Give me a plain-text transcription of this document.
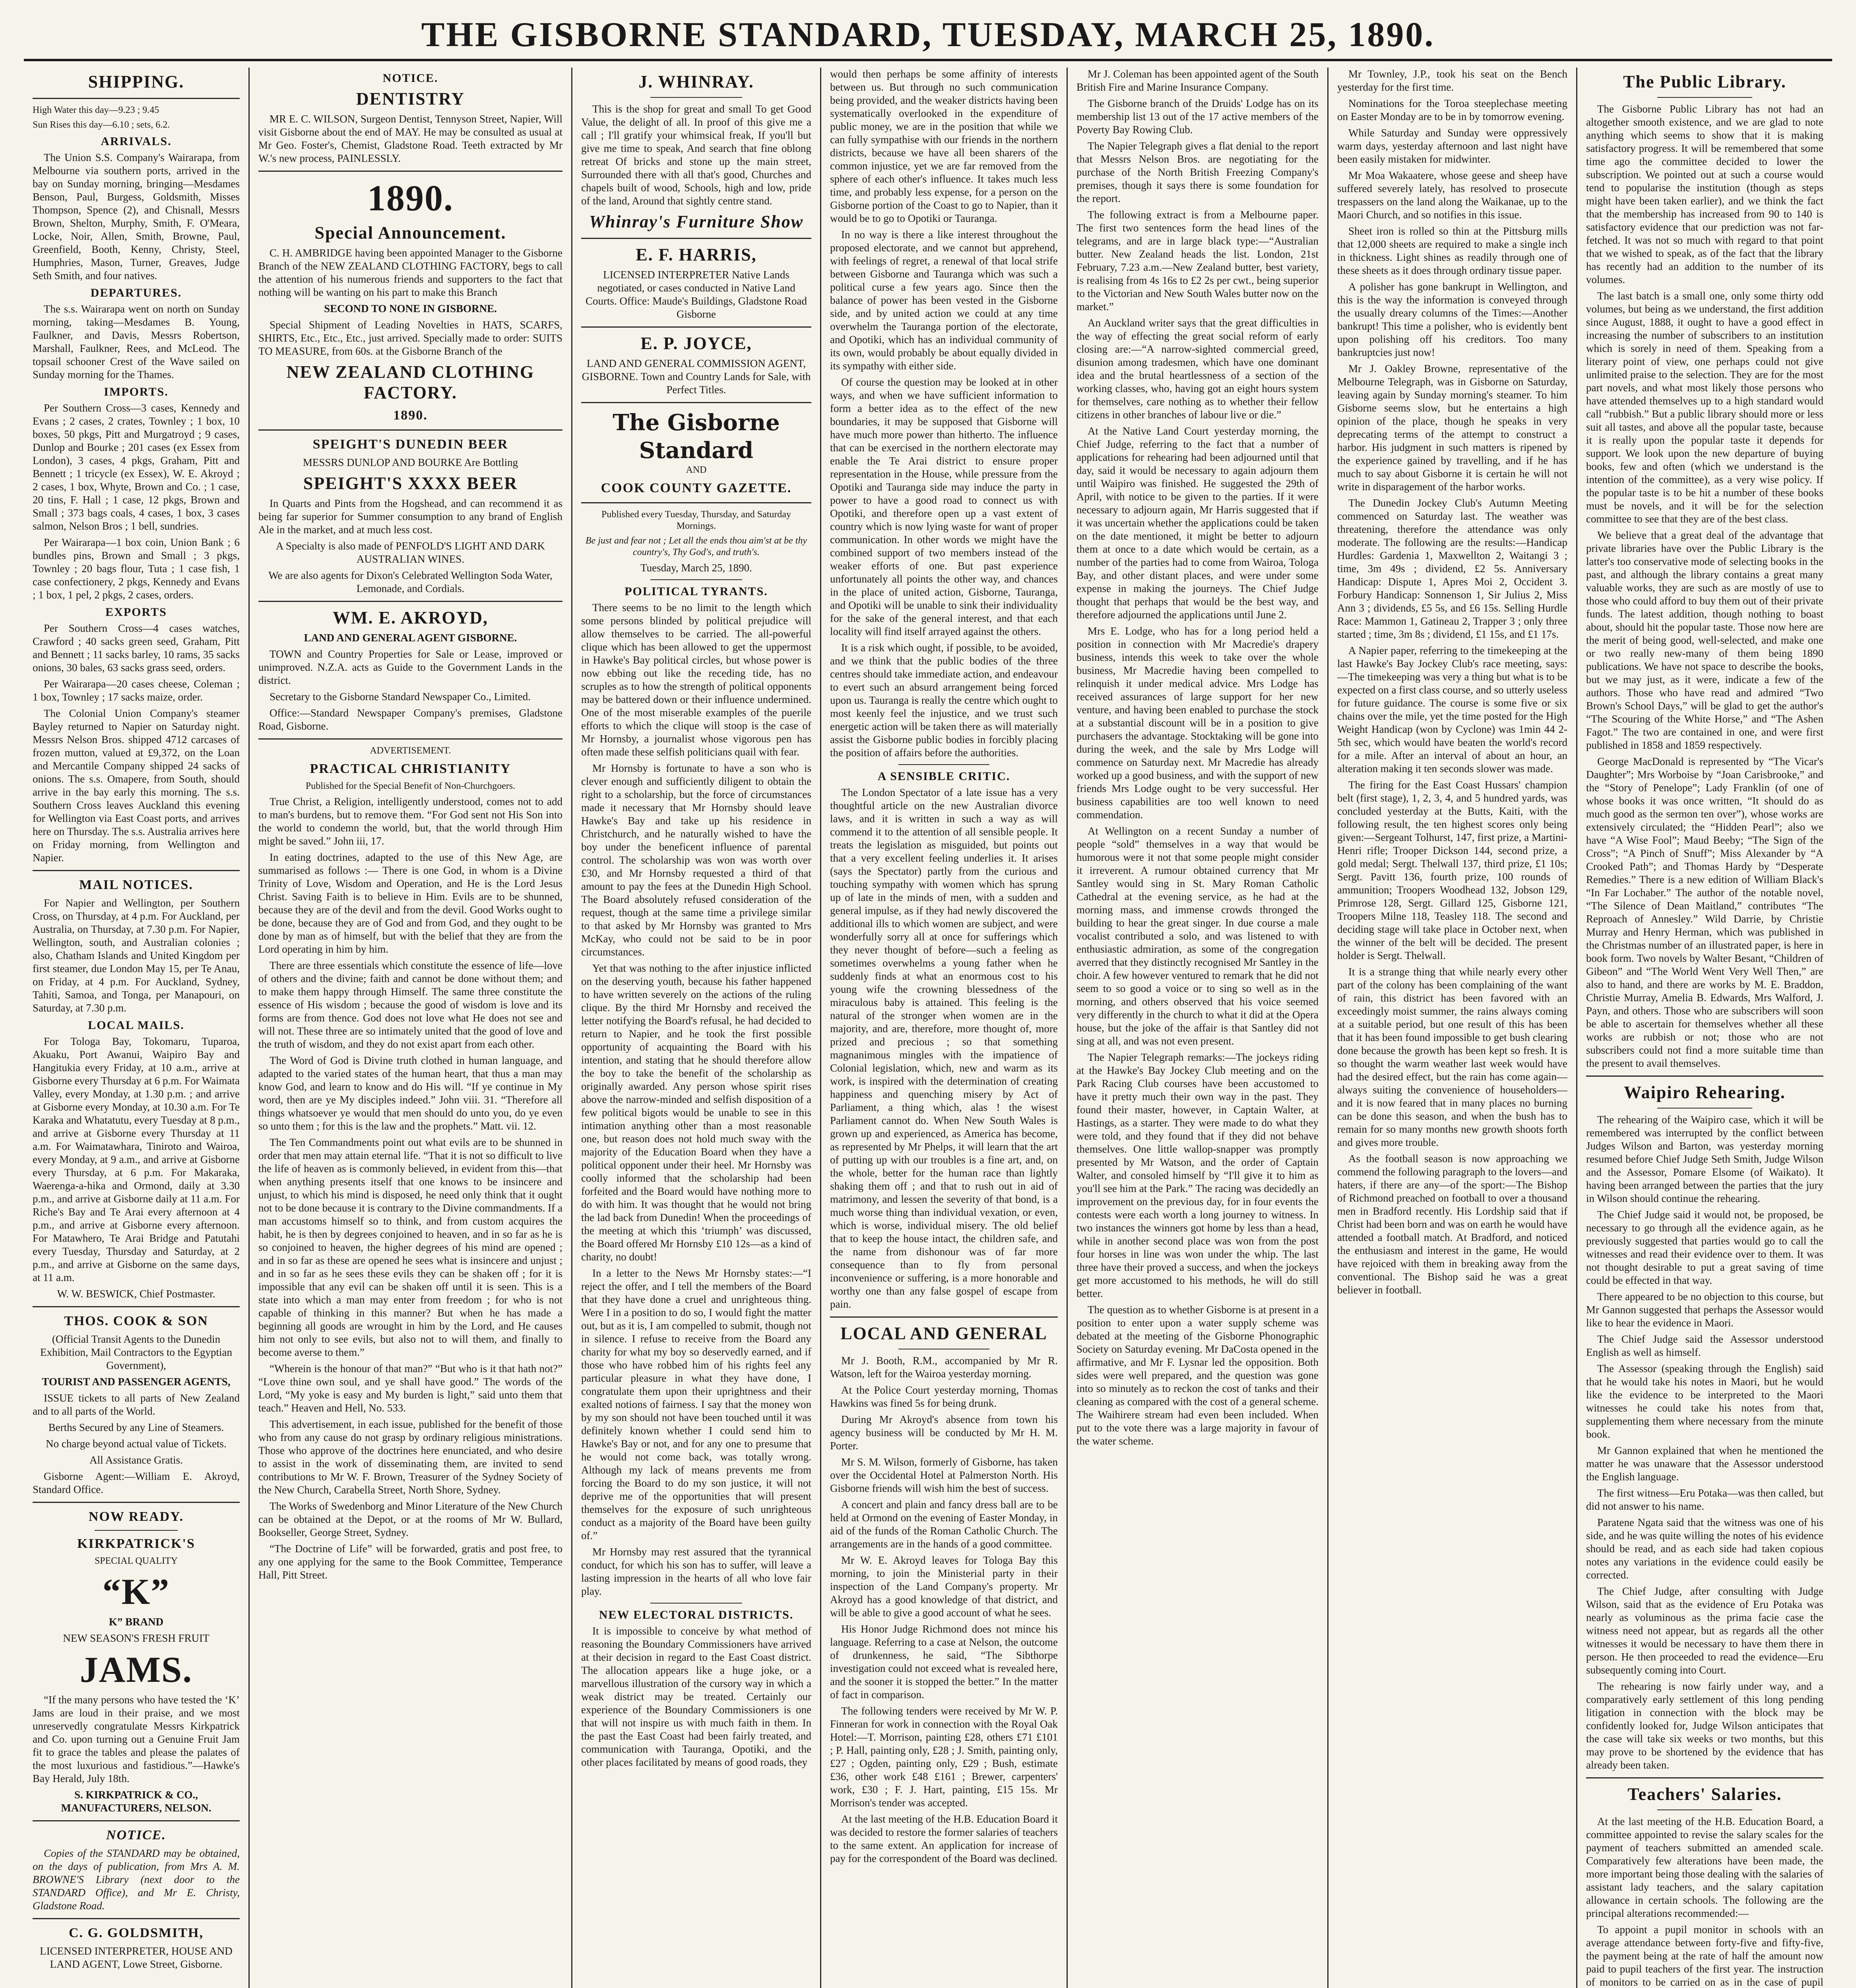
THE GISBORNE STANDARD, TUESDAY, MARCH 25, 1890.
SHIPPING.

High Water this day—9.23 ; 9.45

Sun Rises this day—6.10 ; sets, 6.2.

ARRIVALS.

The Union S.S. Company's Wairarapa, from Melbourne via southern ports, arrived in the bay on Sunday morning, bringing—Mesdames Benson, Paul, Burgess, Goldsmith, Misses Thompson, Spence (2), and Chisnall, Messrs Brown, Shelton, Murphy, Smith, F. O'Meara, Locke, Noir, Allen, Smith, Browne, Paul, Greenfield, Booth, Kenny, Christy, Steel, Humphries, Mason, Turner, Greaves, Judge Seth Smith, and four natives.

DEPARTURES.

The s.s. Wairarapa went on north on Sunday morning, taking—Mesdames B. Young, Faulkner, and Davis, Messrs Robertson, Marshall, Faulkner, Rees, and McLeod. The topsail schooner Crest of the Wave sailed on Sunday morning for the Thames.

IMPORTS.

Per Southern Cross—3 cases, Kennedy and Evans ; 2 cases, 2 crates, Townley ; 1 box, 10 boxes, 50 pkgs, Pitt and Murgatroyd ; 9 cases, Dunlop and Bourke ; 201 cases (ex Essex from London), 3 cases, 4 pkgs, Graham, Pitt and Bennett ; 1 tricycle (ex Essex), W. E. Akroyd ; 2 cases, 1 box, Whyte, Brown and Co. ; 1 case, 20 tins, F. Hall ; 1 case, 12 pkgs, Brown and Small ; 373 bags coals, 4 cases, 1 box, 3 cases salmon, Nelson Bros ; 1 bell, sundries.

Per Wairarapa—1 box coin, Union Bank ; 6 bundles pins, Brown and Small ; 3 pkgs, Townley ; 20 bags flour, Tuta ; 1 case fish, 1 case confectionery, 2 pkgs, Kennedy and Evans ; 1 box, 1 pel, 2 pkgs, 2 cases, orders.

EXPORTS

Per Southern Cross—4 cases watches, Crawford ; 40 sacks green seed, Graham, Pitt and Bennett ; 11 sacks barley, 10 rams, 35 sacks onions, 30 bales, 63 sacks grass seed, orders.

Per Wairarapa—20 cases cheese, Coleman ; 1 box, Townley ; 17 sacks maize, order.

The Colonial Union Company's steamer Bayley returned to Napier on Saturday night. Messrs Nelson Bros. shipped 4712 carcases of frozen mutton, valued at £9,372, on the Loan and Mercantile Company shipped 24 sacks of onions. The s.s. Omapere, from South, should arrive in the bay early this morning. The s.s. Southern Cross leaves Auckland this evening for Wellington via East Coast ports, and arrives here on Thursday. The s.s. Australia arrives here on Friday morning, from Wellington and Napier.

MAIL NOTICES.

For Napier and Wellington, per Southern Cross, on Thursday, at 4 p.m. For Auckland, per Australia, on Thursday, at 7.30 p.m. For Napier, Wellington, south, and Australian colonies ; also, Chatham Islands and United Kingdom per first steamer, due London May 15, per Te Anau, on Friday, at 4 p.m. For Auckland, Sydney, Tahiti, Samoa, and Tonga, per Manapouri, on Saturday, at 7.30 p.m.

LOCAL MAILS.

For Tologa Bay, Tokomaru, Tuparoa, Akuaku, Port Awanui, Waipiro Bay and Hangitukia every Friday, at 10 a.m., arrive at Gisborne every Thursday at 6 p.m. For Waimata Valley, every Monday, at 1.30 p.m. ; and arrive at Gisborne every Monday, at 10.30 a.m. For Te Karaka and Whatatutu, every Tuesday at 8 p.m., and arrive at Gisborne every Thursday at 11 a.m. For Waimatawhara, Tiniroto and Wairoa, every Monday, at 9 a.m., and arrive at Gisborne every Thursday, at 6 p.m. For Makaraka, Waerenga-a-hika and Ormond, daily at 3.30 p.m., and arrive at Gisborne daily at 11 a.m. For Riche's Bay and Te Arai every afternoon at 4 p.m., and arrive at Gisborne every afternoon. For Matawhero, Te Arai Bridge and Patutahi every Tuesday, Thursday and Saturday, at 2 p.m., and arrive at Gisborne on the same days, at 11 a.m.

W. W. BESWICK, Chief Postmaster.

THOS. COOK & SON

(Official Transit Agents to the Dunedin Exhibition, Mail Contractors to the Egyptian Government),

TOURIST AND PASSENGER AGENTS,

ISSUE tickets to all parts of New Zealand and to all parts of the World.

Berths Secured by any Line of Steamers.

No charge beyond actual value of Tickets.

All Assistance Gratis.

Gisborne Agent:—William E. Akroyd, Standard Office.

NOW READY.
KIRKPATRICK'S

SPECIAL QUALITY

“K”

K” BRAND

NEW SEASON'S FRESH FRUIT

JAMS.

“If the many persons who have tested the ‘K’ Jams are loud in their praise, and we most unreservedly congratulate Messrs Kirkpatrick and Co. upon turning out a Genuine Fruit Jam fit to grace the tables and please the palates of the most luxurious and fastidious.”—Hawke's Bay Herald, July 18th.

S. KIRKPATRICK & CO., MANUFACTURERS, NELSON.

NOTICE.

Copies of the STANDARD may be obtained, on the days of publication, from Mrs A. M. BROWNE'S Library (next door to the STANDARD Office), and Mr E. Christy, Gladstone Road.

C. G. GOLDSMITH,

LICENSED INTERPRETER, HOUSE AND LAND AGENT, Lowe Street, Gisborne.

NOTICE.
DENTISTRY

MR E. C. WILSON, Surgeon Dentist, Tennyson Street, Napier, Will visit Gisborne about the end of MAY. He may be consulted as usual at Mr Geo. Foster's, Chemist, Gladstone Road. Teeth extracted by Mr W.'s new process, PAINLESSLY.

1890.
Special Announcement.

C. H. AMBRIDGE having been appointed Manager to the Gisborne Branch of the NEW ZEALAND CLOTHING FACTORY, begs to call the attention of his numerous friends and supporters to the fact that nothing will be wanting on his part to make this Branch

SECOND TO NONE IN GISBORNE.

Special Shipment of Leading Novelties in HATS, SCARFS, SHIRTS, Etc., Etc., Etc., just arrived. Specially made to order: SUITS TO MEASURE, from 60s. at the Gisborne Branch of the

NEW ZEALAND CLOTHING FACTORY.
1890.
SPEIGHT'S DUNEDIN BEER

MESSRS DUNLOP AND BOURKE Are Bottling

SPEIGHT'S XXXX BEER

In Quarts and Pints from the Hogshead, and can recommend it as being far superior for Summer consumption to any brand of English Ale in the market, and at much less cost.

A Specialty is also made of PENFOLD'S LIGHT AND DARK AUSTRALIAN WINES.

We are also agents for Dixon's Celebrated Wellington Soda Water, Lemonade, and Cordials.

WM. E. AKROYD,

LAND AND GENERAL AGENT GISBORNE.

TOWN and Country Properties for Sale or Lease, improved or unimproved. N.Z.A. acts as Guide to the Government Lands in the district.

Secretary to the Gisborne Standard Newspaper Co., Limited.

Office:—Standard Newspaper Company's premises, Gladstone Road, Gisborne.

ADVERTISEMENT.

PRACTICAL CHRISTIANITY

Published for the Special Benefit of Non-Churchgoers.

True Christ, a Religion, intelligently understood, comes not to add to man's burdens, but to remove them. “For God sent not His Son into the world to condemn the world, but, that the world through Him might be saved.” John iii, 17.

In eating doctrines, adapted to the use of this New Age, are summarised as follows :— There is one God, in whom is a Divine Trinity of Love, Wisdom and Operation, and He is the Lord Jesus Christ. Saving Faith is to believe in Him. Evils are to be shunned, because they are of the devil and from the devil. Good Works ought to be done, because they are of God and from God, and they ought to be done by man as of himself, but with the belief that they are from the Lord operating in him by him.

There are three essentials which constitute the essence of life—love of others and the divine; faith and cannot be done without them; and to make them happy through Himself. The same three constitute the essence of His wisdom ; because the good of wisdom is love and its forms are from thence. God does not love what He does not see and will not. These three are so intimately united that the good of love and the truth of wisdom, and they do not exist apart from each other.

The Word of God is Divine truth clothed in human language, and adapted to the varied states of the human heart, that thus a man may know God, and learn to know and do His will. “If ye continue in My word, then are ye My disciples indeed.” John viii. 31. “Therefore all things whatsoever ye would that men should do unto you, do ye even so unto them ; for this is the law and the prophets.” Matt. vii. 12.

The Ten Commandments point out what evils are to be shunned in order that men may attain eternal life. “That it is not so difficult to live the life of heaven as is commonly believed, in evident from this—that when anything presents itself that one knows to be insincere and unjust, to which his mind is disposed, he need only think that it ought not to be done because it is contrary to the Divine commandments. If a man accustoms himself so to think, and from custom acquires the habit, he is then by degrees conjoined to heaven, and in so far as he is so conjoined to heaven, the higher degrees of his mind are opened ; and in so far as these are opened he sees what is insincere and unjust ; and in so far as he sees these evils they can be shaken off ; for it is impossible that any evil can be shaken off until it is seen. This is a state into which a man may enter from freedom ; for who is not capable of thinking in this manner? But when he has made a beginning all goods are wrought in him by the Lord, and He causes him not only to see evils, but also not to will them, and finally to become averse to them.”

“Wherein is the honour of that man?” “But who is it that hath not?” “Love thine own soul, and ye shall have good.” The words of the Lord, “My yoke is easy and My burden is light,” said unto them that teach.” Heaven and Hell, No. 533.

This advertisement, in each issue, published for the benefit of those who from any cause do not grasp by ordinary religious ministrations. Those who approve of the doctrines here enunciated, and who desire to assist in the work of disseminating them, are invited to send contributions to Mr W. F. Brown, Treasurer of the Sydney Society of the New Church, Carabella Street, North Shore, Sydney.

The Works of Swedenborg and Minor Literature of the New Church can be obtained at the Depot, or at the rooms of Mr W. Bullard, Bookseller, George Street, Sydney.

“The Doctrine of Life” will be forwarded, gratis and post free, to any one applying for the same to the Book Committee, Temperance Hall, Pitt Street.

J. WHINRAY.

This is the shop for great and small To get Good Value, the delight of all. In proof of this give me a call ; I'll gratify your whimsical freak, If you'll but give me time to speak, And search that fine oblong retreat Of bricks and stone up the main street, Surrounded there with all that's good, Churches and chapels built of wood, Schools, high and low, pride of the land, Around that sightly centre stand.

Whinray's Furniture Show
E. F. HARRIS,

LICENSED INTERPRETER Native Lands negotiated, or cases conducted in Native Land Courts. Office: Maude's Buildings, Gladstone Road Gisborne

E. P. JOYCE,

LAND AND GENERAL COMMISSION AGENT, GISBORNE. Town and Country Lands for Sale, with Perfect Titles.

The Gisborne Standard

AND

COOK COUNTY GAZETTE.

Published every Tuesday, Thursday, and Saturday Mornings.

Be just and fear not ; Let all the ends thou aim'st at be thy country's, Thy God's, and truth's.

Tuesday, March 25, 1890.

POLITICAL TYRANTS.

There seems to be no limit to the length which some persons blinded by political prejudice will allow themselves to be carried. The all-powerful clique which has been allowed to get the uppermost in Hawke's Bay political circles, but whose power is now ebbing out like the receding tide, has no scruples as to how the strength of political opponents may be battered down or their influence undermined. One of the most miserable examples of the puerile efforts to which the clique will stoop is the case of Mr Hornsby, a journalist whose vigorous pen has often made these selfish politicians quail with fear.

Mr Hornsby is fortunate to have a son who is clever enough and sufficiently diligent to obtain the right to a scholarship, but the force of circumstances made it necessary that Mr Hornsby should leave Hawke's Bay and take up his residence in Christchurch, and he naturally wished to have the boy under the beneficent influence of parental control. The scholarship was won was worth over £30, and Mr Hornsby requested a third of that amount to pay the fees at the Dunedin High School. The Board absolutely refused consideration of the request, though at the same time a privilege similar to that asked by Mr Hornsby was granted to Mrs McKay, who could not be said to be in poor circumstances.

Yet that was nothing to the after injustice inflicted on the deserving youth, because his father happened to have written severely on the actions of the ruling clique. By the third Mr Hornsby and received the letter notifying the Board's refusal, he had decided to return to Napier, and he took the first possible opportunity of acquainting the Board with his intention, and stating that he should therefore allow the boy to take the benefit of the scholarship as originally awarded. Any person whose spirit rises above the narrow-minded and selfish disposition of a few political bigots would be unable to see in this intimation anything other than a most reasonable one, but reason does not hold much sway with the majority of the Education Board when they have a political opponent under their heel. Mr Hornsby was coolly informed that the scholarship had been forfeited and the Board would have nothing more to do with him. It was thought that he would not bring the lad back from Dunedin! When the proceedings of the meeting at which this ‘triumph’ was discussed, the Board offered Mr Hornsby £10 12s—as a kind of charity, no doubt!

In a letter to the News Mr Hornsby states:—“I reject the offer, and I tell the members of the Board that they have done a cruel and unrighteous thing. Were I in a position to do so, I would fight the matter out, but as it is, I am compelled to submit, though not in silence. I refuse to receive from the Board any charity for what my boy so deservedly earned, and if those who have robbed him of his rights feel any particular pleasure in what they have done, I congratulate them upon their uprightness and their exalted notions of fairness. I say that the money won by my son should not have been touched until it was definitely known whether I could send him to Hawke's Bay or not, and for any one to presume that he would not come back, was totally wrong. Although my lack of means prevents me from forcing the Board to do my son justice, it will not deprive me of the opportunities that will present themselves for the exposure of such unrighteous conduct as a majority of the Board have been guilty of.”

Mr Hornsby may rest assured that the tyrannical conduct, for which his son has to suffer, will leave a lasting impression in the hearts of all who love fair play.

NEW ELECTORAL DISTRICTS.

It is impossible to conceive by what method of reasoning the Boundary Commissioners have arrived at their decision in regard to the East Coast district. The allocation appears like a huge joke, or a marvellous illustration of the cursory way in which a weak district may be treated. Certainly our experience of the Boundary Commissioners is one that will not inspire us with much faith in them. In the past the East Coast had been fairly treated, and communication with Tauranga, Opotiki, and the other places facilitated by means of good roads, they

would then perhaps be some affinity of interests between us. But through no such communication being provided, and the weaker districts having been systematically overlooked in the expenditure of public money, we are in the position that while we can fully sympathise with our friends in the northern districts, because we have all been sharers of the common injustice, yet we are far removed from the sphere of each other's influence. It takes much less time, and probably less expense, for a person on the Gisborne portion of the Coast to go to Napier, than it would be to go to Opotiki or Tauranga.

In no way is there a like interest throughout the proposed electorate, and we cannot but apprehend, with feelings of regret, a renewal of that local strife between Gisborne and Tauranga which was such a political curse a few years ago. Since then the balance of power has been vested in the Gisborne side, and by united action we could at any time overwhelm the Tauranga portion of the electorate, and Opotiki, which has an individual community of its own, would probably be about equally divided in its sympathy with either side.

Of course the question may be looked at in other ways, and when we have sufficient information to form a better idea as to the effect of the new boundaries, it may be supposed that Gisborne will have much more power than hitherto. The influence that can be exercised in the northern electorate may enable the Te Arai district to ensure proper representation in the House, while pressure from the Opotiki and Tauranga side may induce the party in power to have a good road to connect us with Opotiki, and therefore open up a vast extent of country which is now lying waste for want of proper communication. In other words we might have the combined support of two members instead of the weaker efforts of one. But past experience unfortunately all points the other way, and chances in the place of united action, Gisborne, Tauranga, and Opotiki will be unable to sink their individuality for the sake of the general interest, and that each locality will find itself arrayed against the others.

It is a risk which ought, if possible, to be avoided, and we think that the public bodies of the three centres should take immediate action, and endeavour to evert such an absurd arrangement being forced upon us. Tauranga is really the centre which ought to most keenly feel the injustice, and we trust such energetic action will be taken there as will materially assist the Gisborne public bodies in forcibly placing the position of affairs before the authorities.

A SENSIBLE CRITIC.

The London Spectator of a late issue has a very thoughtful article on the new Australian divorce laws, and it is written in such a way as will commend it to the attention of all sensible people. It treats the legislation as misguided, but points out that a very excellent feeling underlies it. It arises (says the Spectator) partly from the curious and touching sympathy with women which has sprung up of late in the minds of men, with a sudden and general impulse, as if they had newly discovered the additional ills to which women are subject, and were wonderfully sorry all at once for sufferings which they never thought of before—such a feeling as sometimes overwhelms a young father when he suddenly finds at what an enormous cost to his young wife the crowning blessedness of the miraculous baby is attained. This feeling is the natural of the stronger when women are in the majority, and are, therefore, more thought of, more prized and precious ; so that something magnanimous mingles with the impatience of Colonial legislation, which, new and warm as its work, is inspired with the determination of creating happiness and quenching misery by Act of Parliament, a thing which, alas ! the wisest Parliament cannot do. When New South Wales is grown up and experienced, as America has become, as represented by Mr Phelps, it will learn that the art of putting up with our troubles is a fine art, and, on the whole, better for the human race than lightly shaking them off ; and that to rush out in aid of matrimony, and lessen the severity of that bond, is a much worse thing than individual vexation, or even, which is worse, individual misery. The old belief that to keep the house intact, the children safe, and the name from dishonour was of far more consequence than to fly from personal inconvenience or suffering, is a more honorable and worthy one than any false gospel of escape from pain.

LOCAL AND GENERAL

Mr J. Booth, R.M., accompanied by Mr R. Watson, left for the Wairoa yesterday morning.

At the Police Court yesterday morning, Thomas Hawkins was fined 5s for being drunk.

During Mr Akroyd's absence from town his agency business will be conducted by Mr H. M. Porter.

Mr S. M. Wilson, formerly of Gisborne, has taken over the Occidental Hotel at Palmerston North. His Gisborne friends will wish him the best of success.

A concert and plain and fancy dress ball are to be held at Ormond on the evening of Easter Monday, in aid of the funds of the Roman Catholic Church. The arrangements are in the hands of a good committee.

Mr W. E. Akroyd leaves for Tologa Bay this morning, to join the Ministerial party in their inspection of the Land Company's property. Mr Akroyd has a good knowledge of that district, and will be able to give a good account of what he sees.

His Honor Judge Richmond does not mince his language. Referring to a case at Nelson, the outcome of drunkenness, he said, “The Sibthorpe investigation could not exceed what is revealed here, and the sooner it is stopped the better.” In the matter of fact in comparison.

The following tenders were received by Mr W. P. Finneran for work in connection with the Royal Oak Hotel:—T. Morrison, painting £28, others £71 £101 ; P. Hall, painting only, £28 ; J. Smith, painting only, £27 ; Ogden, painting only, £29 ; Bush, estimate £36, other work £48 £161 ; Brewer, carpenters' work, £30 ; F. J. Hart, painting, £15 15s. Mr Morrison's tender was accepted.

At the last meeting of the H.B. Education Board it was decided to restore the former salaries of teachers to the same extent. An application for increase of pay for the correspondent of the Board was declined.

Mr J. Coleman has been appointed agent of the South British Fire and Marine Insurance Company.

The Gisborne branch of the Druids' Lodge has on its membership list 13 out of the 17 active members of the Poverty Bay Rowing Club.

The Napier Telegraph gives a flat denial to the report that Messrs Nelson Bros. are negotiating for the purchase of the North British Freezing Company's premises, though it says there is some foundation for the report.

The following extract is from a Melbourne paper. The first two sentences form the head lines of the telegrams, and are in large black type:—“Australian butter. New Zealand heads the list. London, 21st February, 7.23 a.m.—New Zealand butter, best variety, is realising from 4s 16s to £2 2s per cwt., being superior to the Victorian and New South Wales butter now on the market.”

An Auckland writer says that the great difficulties in the way of effecting the great social reform of early closing are:—“A narrow-sighted commercial greed, disunion among tradesmen, which have one dominant idea and the brutal heartlessness of a section of the working classes, who, having got an eight hours system for themselves, care nothing as to whether their fellow citizens in other branches of labour live or die.”

At the Native Land Court yesterday morning, the Chief Judge, referring to the fact that a number of applications for rehearing had been adjourned until that day, said it would be necessary to again adjourn them until Waipiro was finished. He suggested the 29th of April, with notice to be given to the parties. If it were necessary to adjourn again, Mr Harris suggested that if it was uncertain whether the applications could be taken on the date mentioned, it might be better to adjourn them at once to a date which would be certain, as a number of the parties had to come from Wairoa, Tologa Bay, and other distant places, and were under some expense in making the journeys. The Chief Judge thought that perhaps that would be the best way, and therefore adjourned the applications until June 2.

Mrs E. Lodge, who has for a long period held a position in connection with Mr Macredie's drapery business, intends this week to take over the whole business, Mr Macredie having been compelled to relinquish it under medical advice. Mrs Lodge has received assurances of large support for her new venture, and having been enabled to purchase the stock at a substantial discount will be in a position to give purchasers the advantage. Stocktaking will be gone into during the week, and the sale by Mrs Lodge will commence on Saturday next. Mr Macredie has already worked up a good business, and with the support of new friends Mrs Lodge ought to be very successful. Her business capabilities are too well known to need commendation.

At Wellington on a recent Sunday a number of people “sold” themselves in a way that would be humorous were it not that some people might consider it irreverent. A rumour obtained currency that Mr Santley would sing in St. Mary Roman Catholic Cathedral at the evening service, as he had at the morning mass, and immense crowds thronged the building to hear the great singer. In due course a male vocalist contributed a solo, and was listened to with enthusiastic admiration, as some of the congregation averred that they distinctly recognised Mr Santley in the choir. A few however ventured to remark that he did not seem to so good a voice or to sing so well as in the morning, and others observed that his voice seemed very differently in the church to what it did at the Opera house, but the joke of the affair is that Santley did not sing at all, and was not even present.

The Napier Telegraph remarks:—The jockeys riding at the Hawke's Bay Jockey Club meeting and on the Park Racing Club courses have been accustomed to have it pretty much their own way in the past. They found their master, however, in Captain Walter, at Hastings, as a starter. They were made to do what they were told, and they found that if they did not behave themselves. One little wallop-snapper was promptly presented by Mr Watson, and the order of Captain Walter, and consoled himself by “I'll give it to him as you'll see him at the Park.” The racing was decidedly an improvement on the previous day, for in four events the contests were each worth a long journey to witness. In two instances the winners got home by less than a head, while in another second place was won from the post four horses in line was won under the whip. The last three have their proved a success, and when the jockeys get more accustomed to his methods, he will do still better.

The question as to whether Gisborne is at present in a position to enter upon a water supply scheme was debated at the meeting of the Gisborne Phonographic Society on Saturday evening. Mr DaCosta opened in the affirmative, and Mr F. Lysnar led the opposition. Both sides were well prepared, and the question was gone into so minutely as to reckon the cost of tanks and their cleaning as compared with the cost of a general scheme. The Waihirere stream had even been included. When put to the vote there was a large majority in favour of the water scheme.

Mr Townley, J.P., took his seat on the Bench yesterday for the first time.

Nominations for the Toroa steeplechase meeting on Easter Monday are to be in by tomorrow evening.

While Saturday and Sunday were oppressively warm days, yesterday afternoon and last night have been easily mistaken for midwinter.

Mr Moa Wakaatere, whose geese and sheep have suffered severely lately, has resolved to prosecute trespassers on the land along the Waikanae, up to the Maori Church, and so notifies in this issue.

Sheet iron is rolled so thin at the Pittsburg mills that 12,000 sheets are required to make a single inch in thickness. Light shines as readily through one of these sheets as it does through ordinary tissue paper.

A polisher has gone bankrupt in Wellington, and this is the way the information is conveyed through the usually dreary columns of the Times:—Another bankrupt! This time a polisher, who is evidently bent upon polishing off his creditors. Too many bankruptcies just now!

Mr J. Oakley Browne, representative of the Melbourne Telegraph, was in Gisborne on Saturday, leaving again by Sunday morning's steamer. To him Gisborne seems slow, but he entertains a high opinion of the place, though he speaks in very deprecating terms of the attempt to construct a harbor. His judgment in such matters is ripened by the experience gained by travelling, and if he has much to say about Gisborne it is certain he will not write in disparagement of the harbor works.

The Dunedin Jockey Club's Autumn Meeting commenced on Saturday last. The weather was threatening, therefore the attendance was only moderate. The following are the results:—Handicap Hurdles: Gardenia 1, Maxwellton 2, Waitangi 3 ; time, 3m 49s ; dividend, £2 5s. Anniversary Handicap: Dispute 1, Apres Moi 2, Occident 3. Forbury Handicap: Sonnenson 1, Sir Julius 2, Miss Ann 3 ; dividends, £5 5s, and £6 15s. Selling Hurdle Race: Mammon 1, Gatineau 2, Trapper 3 ; only three started ; time, 3m 8s ; dividend, £1 15s, and £1 17s.

A Napier paper, referring to the timekeeping at the last Hawke's Bay Jockey Club's race meeting, says:—The timekeeping was very a thing but what is to be expected on a first class course, and so utterly useless for future guidance. The course is some five or six chains over the mile, yet the time posted for the High Weight Handicap (won by Cyclone) was 1min 44 2-5th sec, which would have beaten the world's record for a mile. After an interval of about an hour, an alteration making it ten seconds slower was made.

The firing for the East Coast Hussars' champion belt (first stage), 1, 2, 3, 4, and 5 hundred yards, was concluded yesterday at the Butts, Kaiti, with the following result, the ten highest scores only being given:—Sergeant Tolhurst, 147, first prize, a Martini-Henri rifle; Trooper Dickson 144, second prize, a gold medal; Sergt. Thelwall 137, third prize, £1 10s; Sergt. Pavitt 136, fourth prize, 100 rounds of ammunition; Troopers Woodhead 132, Jobson 129, Primrose 128, Sergt. Gillard 125, Gisborne 121, Troopers Milne 118, Teasley 118. The second and deciding stage will take place in October next, when the winner of the belt will be decided. The present holder is Sergt. Thelwall.

It is a strange thing that while nearly every other part of the colony has been complaining of the want of rain, this district has been favored with an exceedingly moist summer, the rains always coming at a suitable period, but one result of this has been that it has been found impossible to get bush clearing done because the growth has been kept so fresh. It is so thought the warm weather last week would have had the desired effect, but the rain has come again—always suiting the convenience of householders—and it is now feared that in many places no burning can be done this season, and when the bush has to remain for so many months new growth shoots forth and gives more trouble.

As the football season is now approaching we commend the following paragraph to the lovers—and haters, if there are any—of the sport:—The Bishop of Richmond preached on football to over a thousand men in Bradford recently. His Lordship said that if Christ had been born and was on earth he would have attended a football match. At Bradford, and noticed the enthusiasm and interest in the game, He would have rejoiced with them in breaking away from the conventional. The Bishop said he was a great believer in football.

The Public Library.

The Gisborne Public Library has not had an altogether smooth existence, and we are glad to note anything which seems to show that it is making satisfactory progress. It will be remembered that some time ago the committee decided to lower the subscription. We pointed out at such a course would tend to popularise the institution (though as steps might have been taken earlier), and we think the fact that the membership has increased from 90 to 140 is satisfactory evidence that our prediction was not far-fetched. It was not so much with regard to that point that we wished to speak, as of the fact that the library has recently had an addition to the number of its volumes.

The last batch is a small one, only some thirty odd volumes, but being as we understand, the first addition since August, 1888, it ought to have a good effect in increasing the number of subscribers to an institution which is sorely in need of them. Speaking from a literary point of view, one perhaps could not give unlimited praise to the selection. They are for the most part novels, and what most likely those persons who have attended themselves up to a high standard would call “rubbish.” But a public library should more or less suit all tastes, and above all the popular taste, because it is really upon the popular taste it depends for support. We look upon the new departure of buying books, few and often (which we understand is the intention of the committee), as a very wise policy. If the popular taste is to be hit a number of these books must be novels, and it will be for the selection committee to see that they are of the best class.

We believe that a great deal of the advantage that private libraries have over the Public Library is the latter's too conservative mode of selecting books in the past, and although the library contains a great many valuable works, they are such as are mostly of use to those who could afford to buy them out of their private funds. The latest addition, though nothing to boast about, should hit the popular taste. Those now here are the merit of being good, well-selected, and make one or two really new-many of them being 1890 publications. We have not space to describe the books, but we may just, as it were, indicate a few of the authors. Those who have read and admired “Two Brown's School Days,” will be glad to get the author's “The Scouring of the White Horse,” and “The Ashen Fagot.” The two are contained in one, and were first published in 1858 and 1859 respectively.

George MacDonald is represented by “The Vicar's Daughter”; Mrs Worboise by “Joan Carisbrooke,” and the “Story of Penelope”; Lady Franklin (of one of whose books it was once written, “It should do as much good as the sermon ten over”), whose works are extensively circulated; the “Hidden Pearl”; also we have “A Wise Fool”; Maud Beeby; “The Sign of the Cross”; “A Pinch of Snuff”; Miss Alexander by “A Crooked Path”; and Thomas Hardy by “Desperate Remedies.” There is a new edition of William Black's “In Far Lochaber.” The author of the notable novel, “The Silence of Dean Maitland,” contributes “The Reproach of Annesley.” Wild Darrie, by Christie Murray and Henry Herman, which was published in the Christmas number of an illustrated paper, is here in book form. Two novels by Walter Besant, “Children of Gibeon” and “The World Went Very Well Then,” are also to hand, and there are works by M. E. Braddon, Christie Murray, Amelia B. Edwards, Mrs Walford, J. Payn, and others. Those who are subscribers will soon be able to ascertain for themselves whether all these works are rubbish or not; those who are not subscribers could not find a more suitable time than the present to avail themselves.

Waipiro Rehearing.

The rehearing of the Waipiro case, which it will be remembered was interrupted by the conflict between Judges Wilson and Barton, was yesterday morning resumed before Chief Judge Seth Smith, Judge Wilson and the Assessor, Pomare Elsome (of Waikato). It having been arranged between the parties that the jury in Wilson should continue the rehearing.

The Chief Judge said it would not, be proposed, be necessary to go through all the evidence again, as he previously suggested that parties would go to call the witnesses and read their evidence over to them. It was not thought desirable to put a great saving of time could be effected in that way.

There appeared to be no objection to this course, but Mr Gannon suggested that perhaps the Assessor would like to hear the evidence in Maori.

The Chief Judge said the Assessor understood English as well as himself.

The Assessor (speaking through the English) said that he would take his notes in Maori, but he would like the evidence to be interpreted to the Maori witnesses he could take his notes from that, supplementing them where necessary from the minute book.

Mr Gannon explained that when he mentioned the matter he was unaware that the Assessor understood the English language.

The first witness—Eru Potaka—was then called, but did not answer to his name.

Paratene Ngata said that the witness was one of his side, and he was quite willing the notes of his evidence should be read, and as each side had taken copious notes any variations in the evidence could easily be corrected.

The Chief Judge, after consulting with Judge Wilson, said that as the evidence of Eru Potaka was nearly as voluminous as the prima facie case the witness need not appear, but as regards all the other witnesses it would be necessary to have them there in person. He then proceeded to read the evidence—Eru subsequently coming into Court.

The rehearing is now fairly under way, and a comparatively early settlement of this long pending litigation in connection with the block may be confidently looked for, Judge Wilson anticipates that the case will take six weeks or two months, but this may prove to be shortened by the evidence that has already been taken.

Teachers' Salaries.

At the last meeting of the H.B. Education Board, a committee appointed to revise the salary scales for the payment of teachers submitted an amended scale. Comparatively few alterations have been made, the more important being those dealing with the salaries of assistant lady teachers, and the salary capitation allowance in certain schools. The following are the principal alterations recommended:—

To appoint a pupil monitor in schools with an average attendance between forty-five and fifty-five, the payment being at the rate of half the amount now paid to pupil teachers of the first year. The instruction of monitors to be carried on as in the case of pupil
